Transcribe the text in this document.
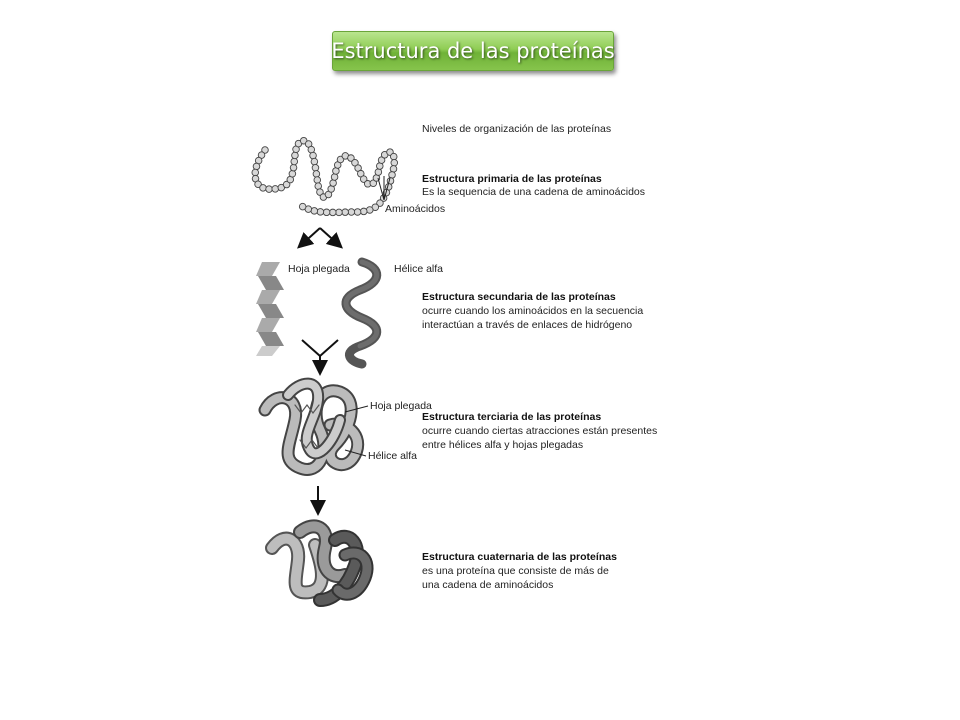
Estructura de las proteínas
Niveles de organización de las proteínas
Estructura primaria de las proteínas
Es la sequencia de una cadena de aminoácidos
Aminoácidos
Hoja plegada	Hélice alfa
Estructura secundaria de las proteínas
ocurre cuando los aminoácidos en la secuencia
interactúan a través de enlaces de hidrógeno
Hoja plegada
Hélice alfa
Estructura terciaria de las proteínas
ocurre cuando ciertas atracciones están presentes
entre hélices alfa y hojas plegadas
Estructura cuaternaria de las proteínas
es una proteína que consiste de más de
una cadena de aminoácidos
